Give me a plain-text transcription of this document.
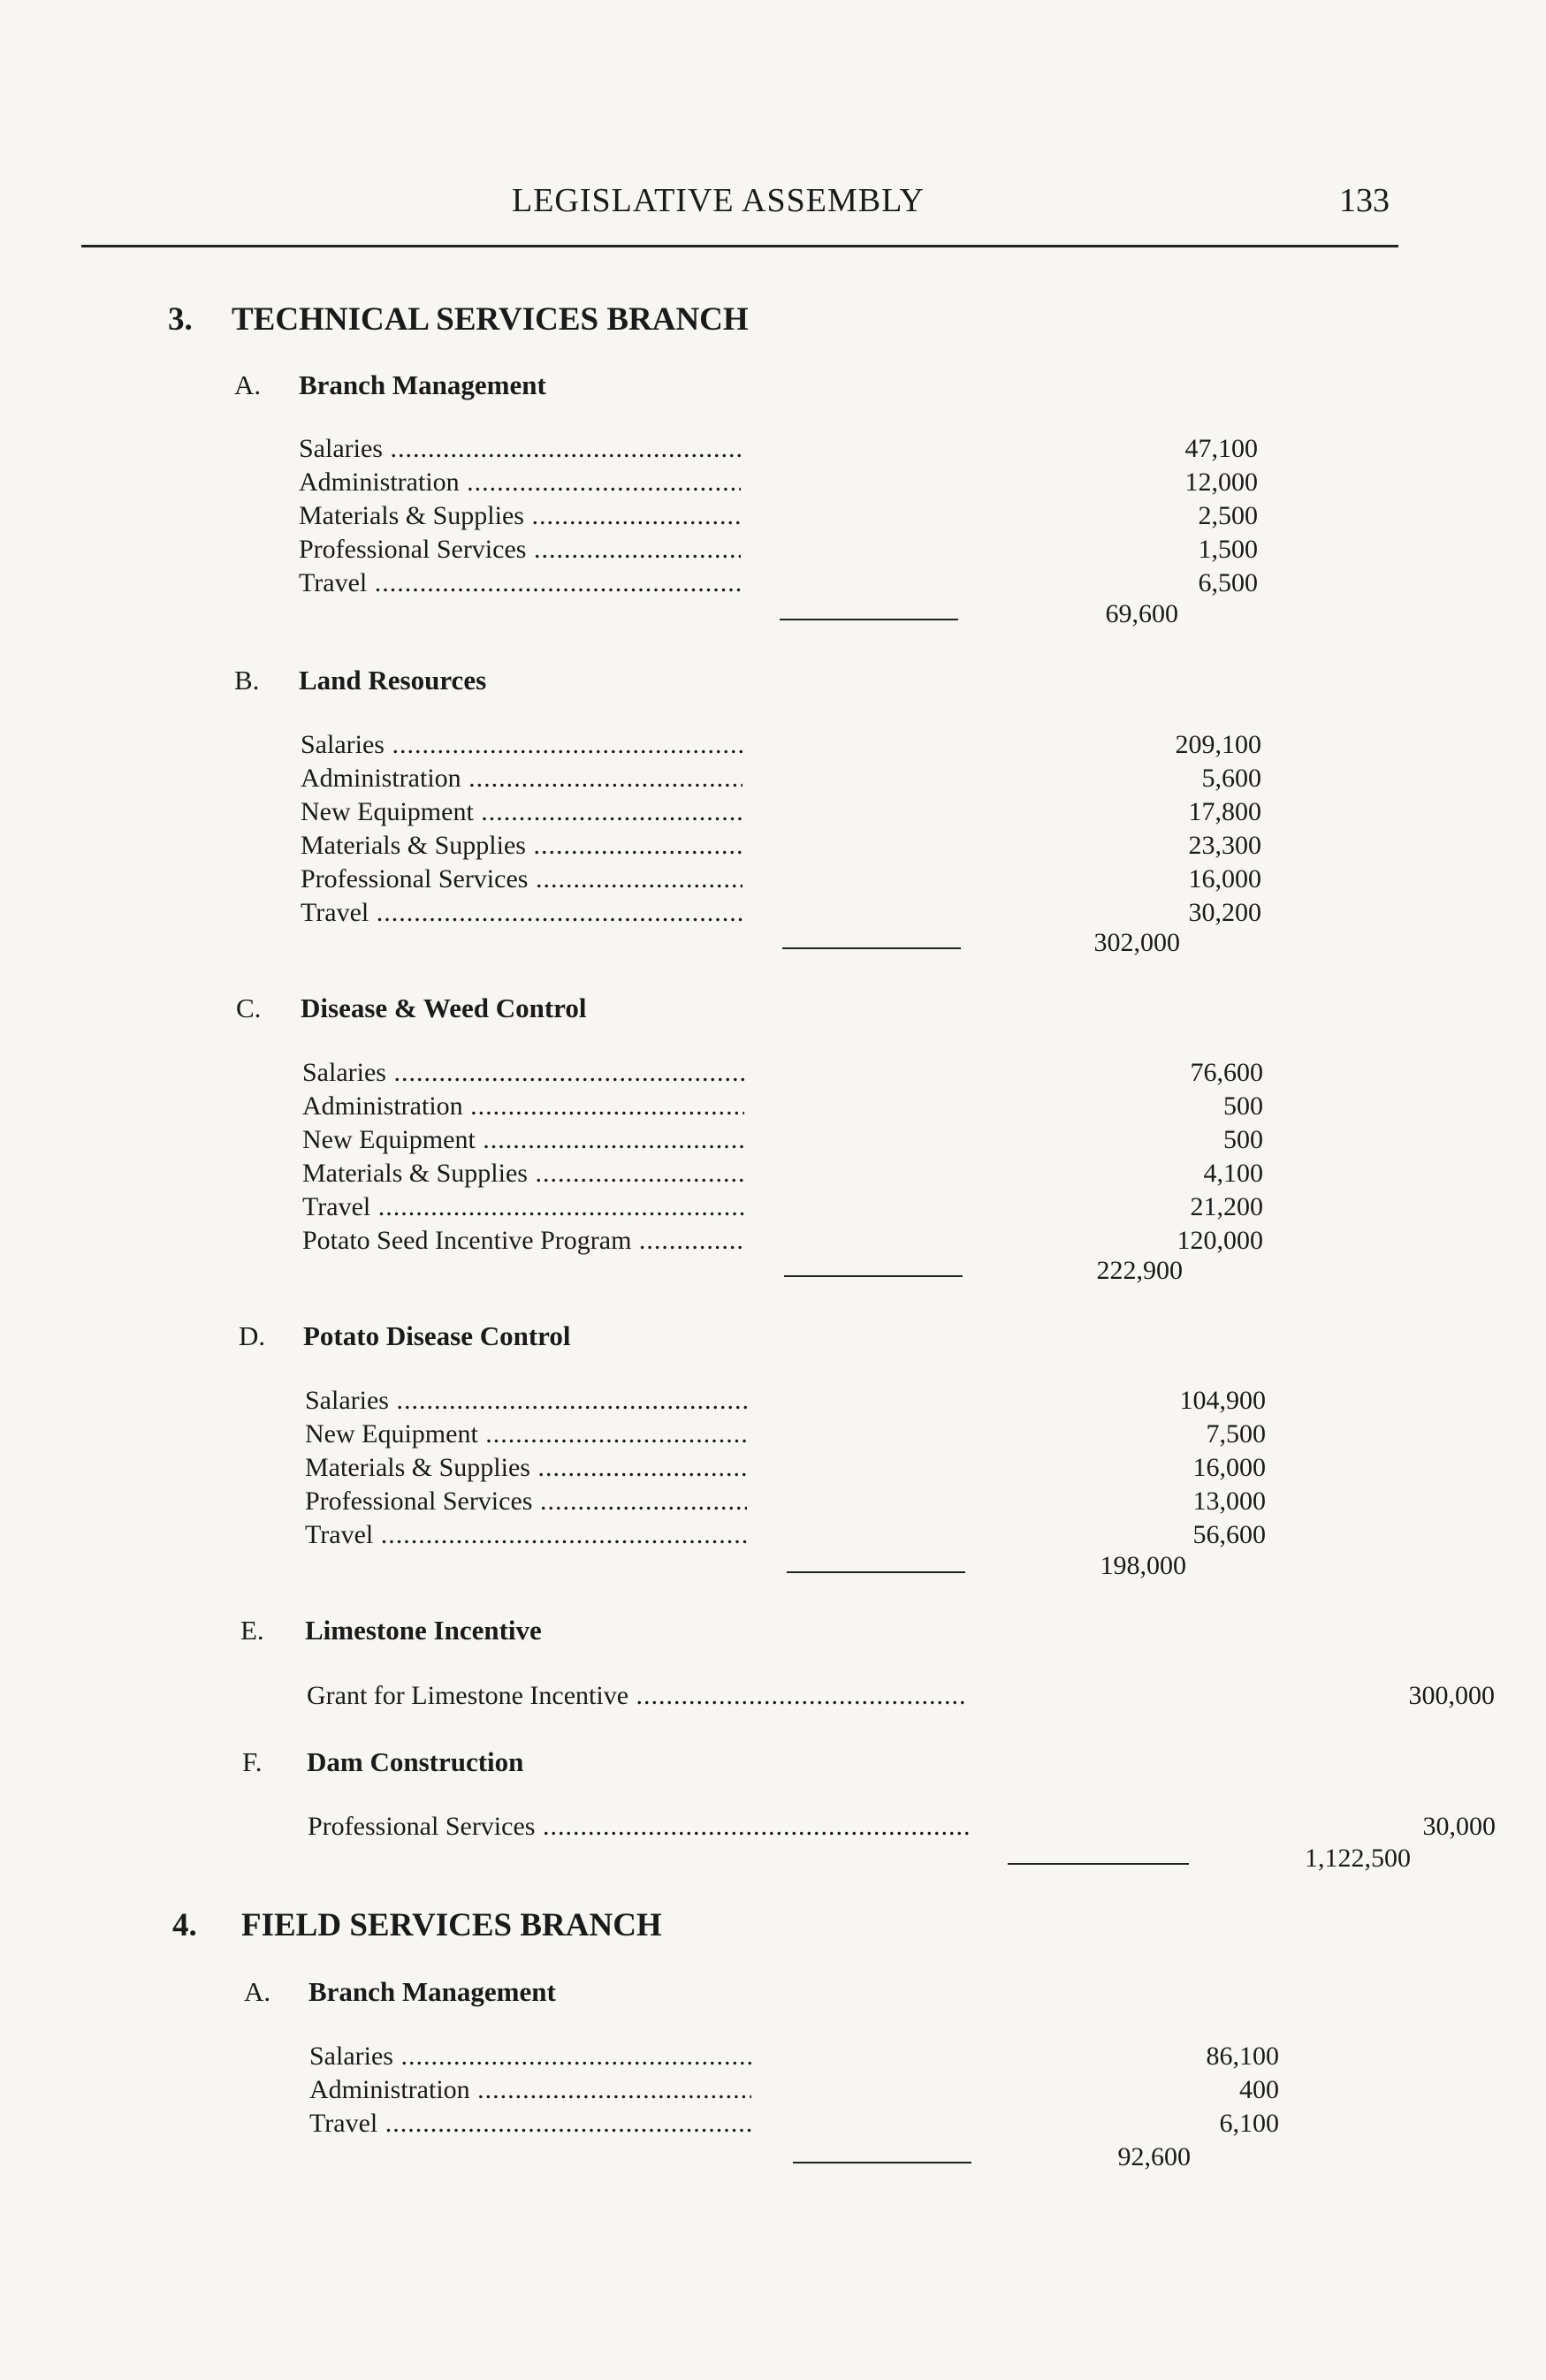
LEGISLATIVE ASSEMBLY	133
3. TECHNICAL SERVICES BRANCH
A. Branch Management
Salaries .....	47,100
Administration .....	12,000
Materials & Supplies .....	2,500
Professional Services .....	1,500
Travel .....	6,500
69,600
B. Land Resources
Salaries .....	209,100
Administration .....	5,600
New Equipment .....	17,800
Materials & Supplies .....	23,300
Professional Services .....	16,000
Travel .....	30,200
302,000
C. Disease & Weed Control
Salaries .....	76,600
Administration .....	500
New Equipment .....	500
Materials & Supplies .....	4,100
Travel .....	21,200
Potato Seed Incentive Program .....	120,000
222,900
D. Potato Disease Control
Salaries .....	104,900
New Equipment .....	7,500
Materials & Supplies .....	16,000
Professional Services .....	13,000
Travel .....	56,600
198,000
E. Limestone Incentive
Grant for Limestone Incentive .....	300,000
F. Dam Construction
Professional Services .....	30,000
1,122,500
4. FIELD SERVICES BRANCH
A. Branch Management
Salaries .....	86,100
Administration .....	400
Travel .....	6,100
92,600
